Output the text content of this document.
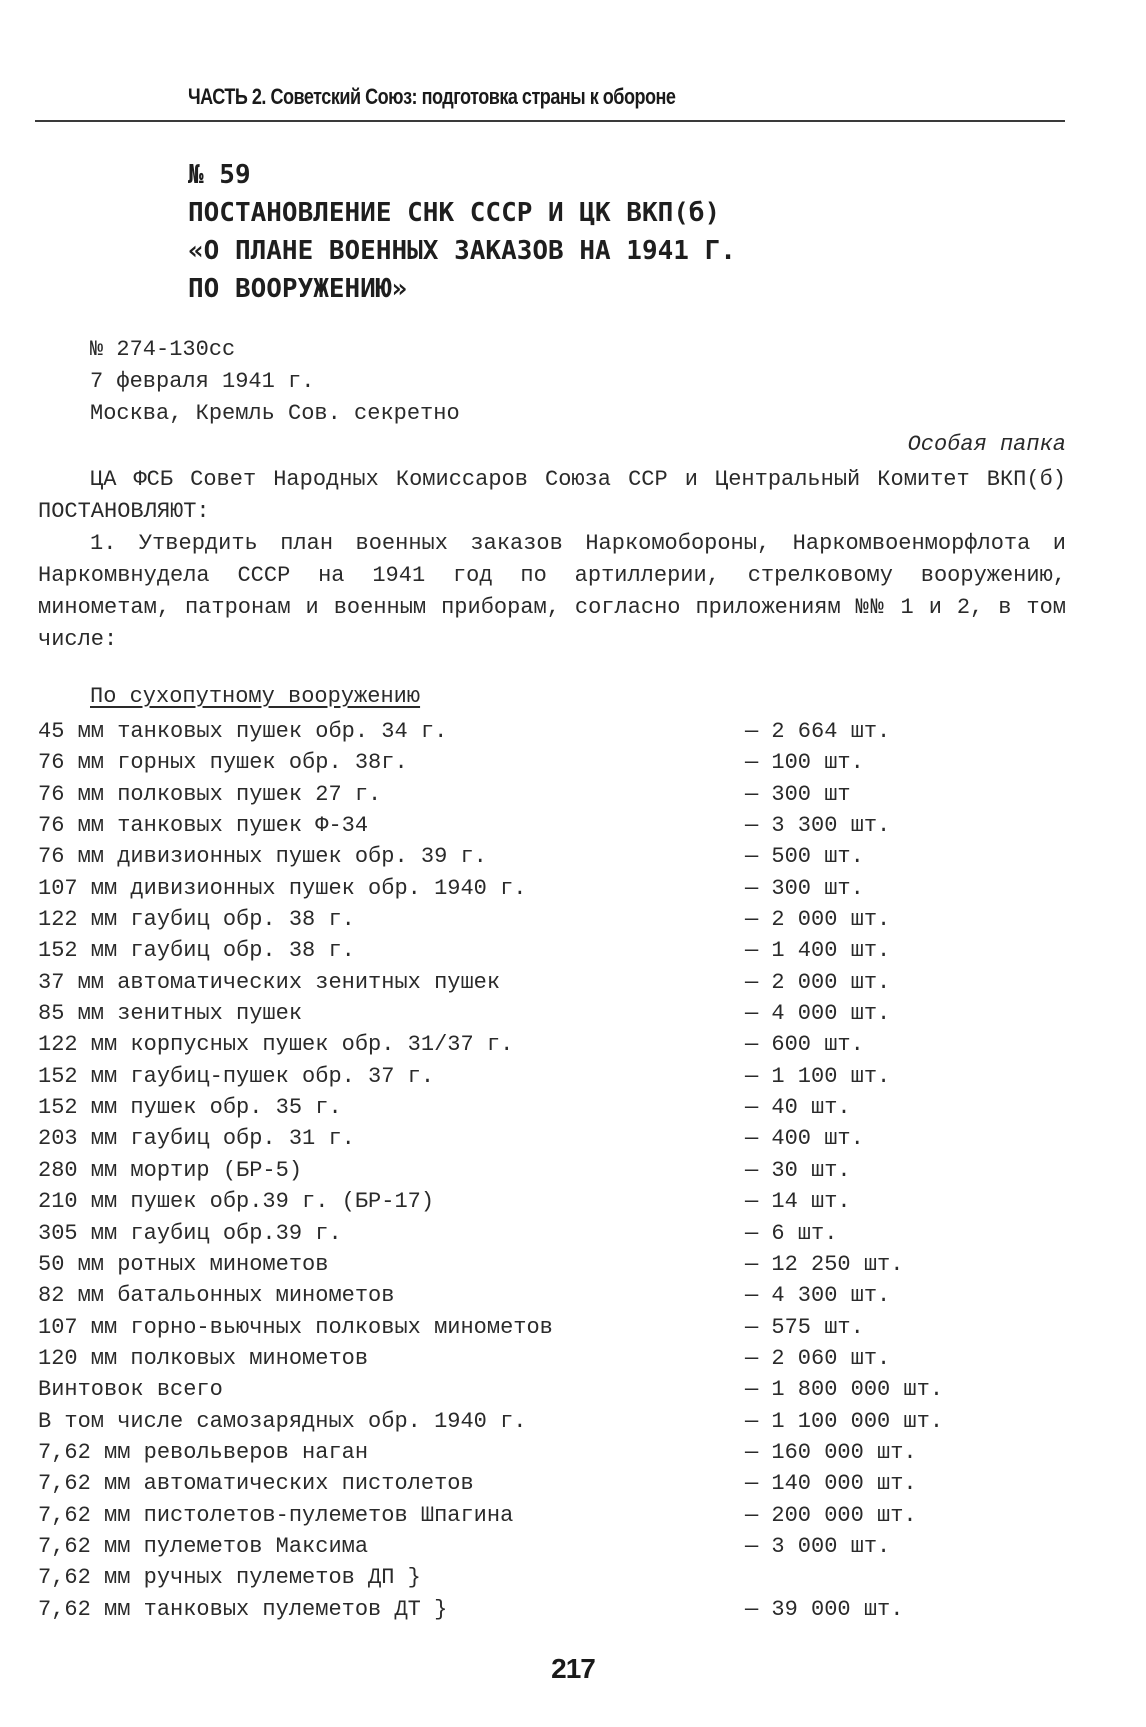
ЧАСТЬ 2. Советский Союз: подготовка страны к обороне
№ 59
ПОСТАНОВЛЕНИЕ СНК СССР И ЦК ВКП(б)
«О ПЛАНЕ ВОЕННЫХ ЗАКАЗОВ НА 1941 Г.
ПО ВООРУЖЕНИЮ»
№ 274-130сс
7 февраля 1941 г.
Москва, Кремль Сов. секретно
Особая папка
ЦА ФСБ Совет Народных Комиссаров Союза ССР и Центральный Комитет ВКП(б) ПОСТАНОВЛЯЮТ:
1. Утвердить план военных заказов Наркомобороны, Наркомвоенморфлота и Наркомвнудела СССР на 1941 год по артиллерии, стрелковому вооружению, минометам, патронам и военным приборам, согласно приложениям №№ 1 и 2, в том числе:
По сухопутному вооружению
45 мм танковых пушек обр. 34 г.	— 2 664 шт.
76 мм горных пушек обр. 38г.	— 100 шт.
76 мм полковых пушек 27 г.	— 300 шт
76 мм танковых пушек Ф-34	— 3 300 шт.
76 мм дивизионных пушек обр. 39 г.	— 500 шт.
107 мм дивизионных пушек обр. 1940 г.	— 300 шт.
122 мм гаубиц обр. 38 г.	— 2 000 шт.
152 мм гаубиц обр. 38 г.	— 1 400 шт.
37 мм автоматических зенитных пушек	— 2 000 шт.
85 мм зенитных пушек	— 4 000 шт.
122 мм корпусных пушек обр. 31/37 г.	— 600 шт.
152 мм гаубиц-пушек обр. 37 г.	— 1 100 шт.
152 мм пушек обр. 35 г.	— 40 шт.
203 мм гаубиц обр. 31 г.	— 400 шт.
280 мм мортир (БР-5)	— 30 шт.
210 мм пушек обр.39 г. (БР-17)	— 14 шт.
305 мм гаубиц обр.39 г.	— 6 шт.
50 мм ротных минометов	— 12 250 шт.
82 мм батальонных минометов	— 4 300 шт.
107 мм горно-вьючных полковых минометов	— 575 шт.
120 мм полковых минометов	— 2 060 шт.
Винтовок всего	— 1 800 000 шт.
В том числе самозарядных обр. 1940 г.	— 1 100 000 шт.
7,62 мм револьверов наган	— 160 000 шт.
7,62 мм автоматических пистолетов	— 140 000 шт.
7,62 мм пистолетов-пулеметов Шпагина	— 200 000 шт.
7,62 мм пулеметов Максима	— 3 000 шт.
7,62 мм ручных пулеметов ДП }
7,62 мм танковых пулеметов ДТ }	— 39 000 шт.
217
